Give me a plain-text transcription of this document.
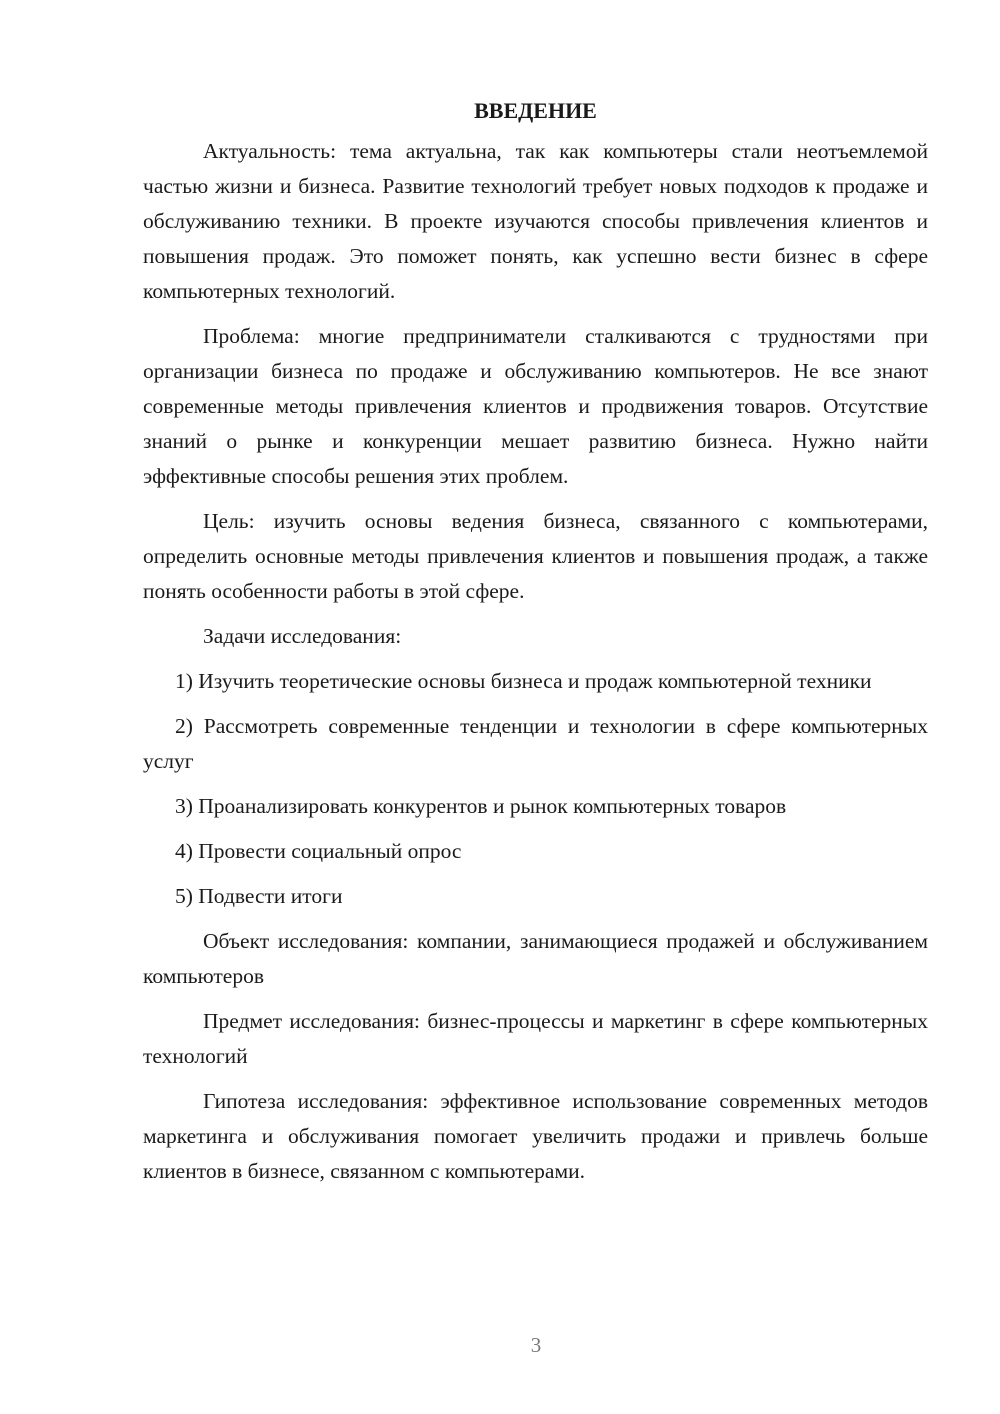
ВВЕДЕНИЕ

Актуальность: тема актуальна, так как компьютеры стали неотъемлемой частью жизни и бизнеса. Развитие технологий требует новых подходов к продаже и обслуживанию техники. В проекте изучаются способы привлечения клиентов и повышения продаж. Это поможет понять, как успешно вести бизнес в сфере компьютерных технологий.

Проблема: многие предприниматели сталкиваются с трудностями при организации бизнеса по продаже и обслуживанию компьютеров. Не все знают современные методы привлечения клиентов и продвижения товаров. Отсутствие знаний о рынке и конкуренции мешает развитию бизнеса. Нужно найти эффективные способы решения этих проблем.

Цель: изучить основы ведения бизнеса, связанного с компьютерами, определить основные методы привлечения клиентов и повышения продаж, а также понять особенности работы в этой сфере.

Задачи исследования:

1) Изучить теоретические основы бизнеса и продаж компьютерной техники

2) Рассмотреть современные тенденции и технологии в сфере компьютерных услуг

3) Проанализировать конкурентов и рынок компьютерных товаров

4) Провести социальный опрос

5) Подвести итоги

Объект исследования: компании, занимающиеся продажей и обслуживанием компьютеров

Предмет исследования: бизнес-процессы и маркетинг в сфере компьютерных технологий

Гипотеза исследования: эффективное использование современных методов маркетинга и обслуживания помогает увеличить продажи и привлечь больше клиентов в бизнесе, связанном с компьютерами.

3
